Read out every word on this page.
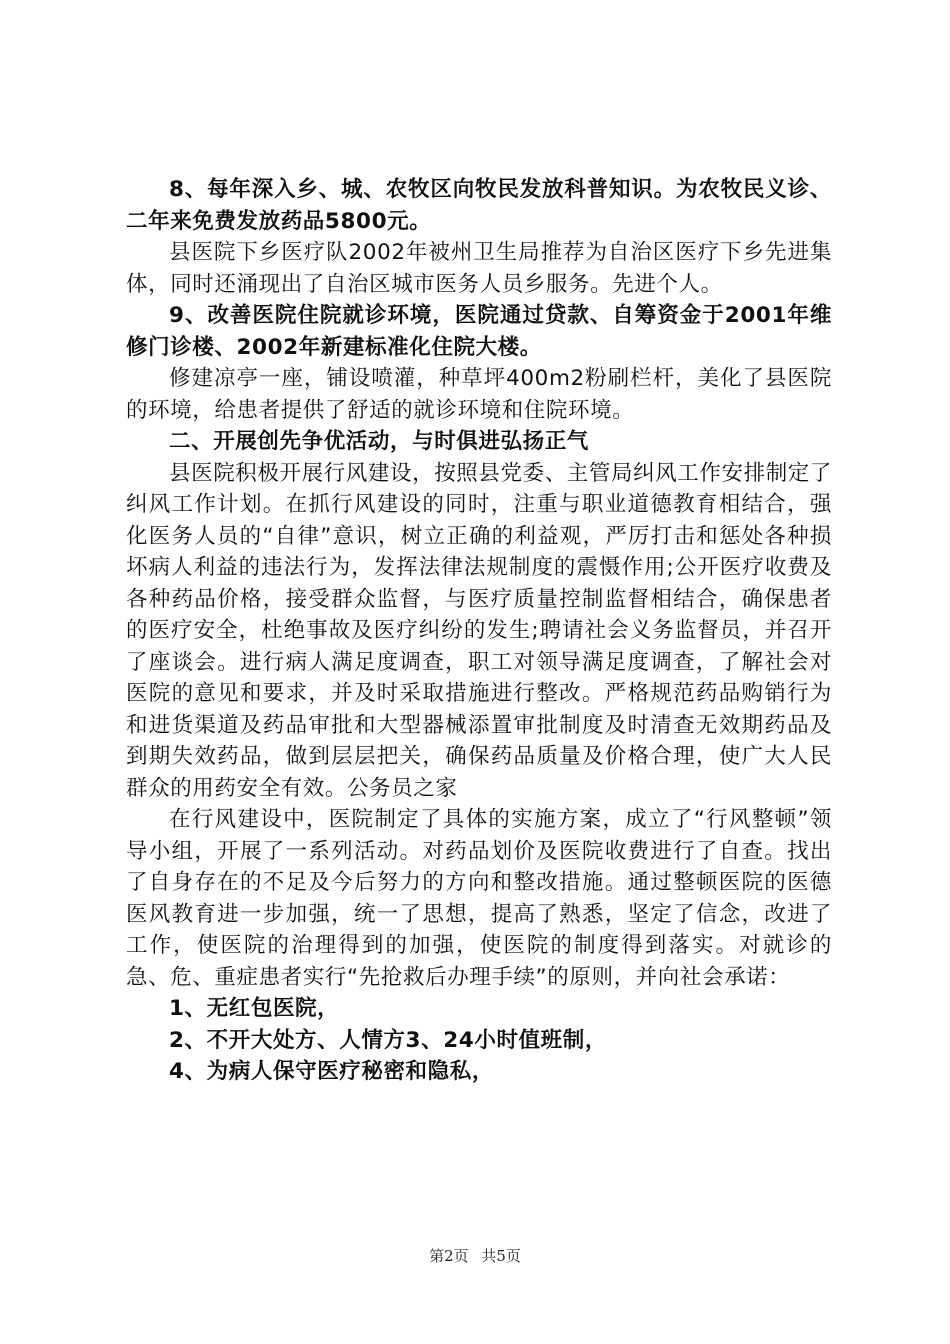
8、每年深入乡、城、农牧区向牧民发放科普知识。为农牧民义诊、二年来免费发放药品5800元。

县医院下乡医疗队2002年被州卫生局推荐为自治区医疗下乡先进集体，同时还涌现出了自治区城市医务人员乡服务。先进个人。

9、改善医院住院就诊环境，医院通过贷款、自筹资金于2001年维修门诊楼、2002年新建标准化住院大楼。

修建凉亭一座，铺设喷灌，种草坪400m2粉刷栏杆，美化了县医院的环境，给患者提供了舒适的就诊环境和住院环境。

二、开展创先争优活动，与时俱进弘扬正气

县医院积极开展行风建设，按照县党委、主管局纠风工作安排制定了纠风工作计划。在抓行风建设的同时，注重与职业道德教育相结合，强化医务人员的“自律”意识，树立正确的利益观，严厉打击和惩处各种损坏病人利益的违法行为，发挥法律法规制度的震慑作用;公开医疗收费及各种药品价格，接受群众监督，与医疗质量控制监督相结合，确保患者的医疗安全，杜绝事故及医疗纠纷的发生;聘请社会义务监督员，并召开了座谈会。进行病人满足度调查，职工对领导满足度调查，了解社会对医院的意见和要求，并及时采取措施进行整改。严格规范药品购销行为和进货渠道及药品审批和大型器械添置审批制度及时清查无效期药品及到期失效药品，做到层层把关，确保药品质量及价格合理，使广大人民群众的用药安全有效。公务员之家

在行风建设中，医院制定了具体的实施方案，成立了“行风整顿”领导小组，开展了一系列活动。对药品划价及医院收费进行了自查。找出了自身存在的不足及今后努力的方向和整改措施。通过整顿医院的医德医风教育进一步加强，统一了思想，提高了熟悉，坚定了信念，改进了工作，使医院的治理得到的加强，使医院的制度得到落实。对就诊的急、危、重症患者实行“先抢救后办理手续”的原则，并向社会承诺：

1、无红包医院，

2、不开大处方、人情方3、24小时值班制，

4、为病人保守医疗秘密和隐私，

第2页 共5页
